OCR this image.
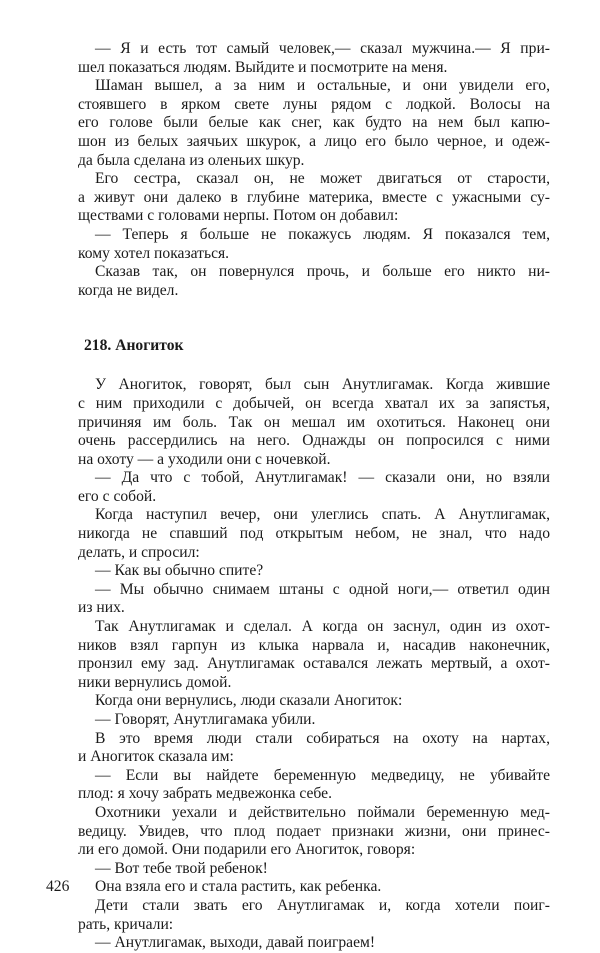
— Я и есть тот самый человек,— сказал мужчина.— Я при-
шел показаться людям. Выйдите и посмотрите на меня.
Шаман вышел, а за ним и остальные, и они увидели его,
стоявшего в ярком свете луны рядом с лодкой. Волосы на
его голове были белые как снег, как будто на нем был капю-
шон из белых заячьих шкурок, а лицо его было черное, и одеж-
да была сделана из оленьих шкур.
Его сестра, сказал он, не может двигаться от старости,
а живут они далеко в глубине материка, вместе с ужасными су-
ществами с головами нерпы. Потом он добавил:
— Теперь я больше не покажусь людям. Я показался тем,
кому хотел показаться.
Сказав так, он повернулся прочь, и больше его никто ни-
когда не видел.
218. Аногиток
У Аногиток, говорят, был сын Анутлигамак. Когда жившие
с ним приходили с добычей, он всегда хватал их за запястья,
причиняя им боль. Так он мешал им охотиться. Наконец они
очень рассердились на него. Однажды он попросился с ними
на охоту — а уходили они с ночевкой.
— Да что с тобой, Анутлигамак! — сказали они, но взяли
его с собой.
Когда наступил вечер, они улеглись спать. А Анутлигамак,
никогда не спавший под открытым небом, не знал, что надо
делать, и спросил:
— Как вы обычно спите?
— Мы обычно снимаем штаны с одной ноги,— ответил один
из них.
Так Анутлигамак и сделал. А когда он заснул, один из охот-
ников взял гарпун из клыка нарвала и, насадив наконечник,
пронзил ему зад. Анутлигамак оставался лежать мертвый, а охот-
ники вернулись домой.
Когда они вернулись, люди сказали Аногиток:
— Говорят, Анутлигамака убили.
В это время люди стали собираться на охоту на нартах,
и Аногиток сказала им:
— Если вы найдете беременную медведицу, не убивайте
плод: я хочу забрать медвежонка себе.
Охотники уехали и действительно поймали беременную мед-
ведицу. Увидев, что плод подает признаки жизни, они принес-
ли его домой. Они подарили его Аногиток, говоря:
— Вот тебе твой ребенок!
Она взяла его и стала растить, как ребенка.
Дети стали звать его Анутлигамак и, когда хотели поиг-
рать, кричали:
— Анутлигамак, выходи, давай поиграем!
426
